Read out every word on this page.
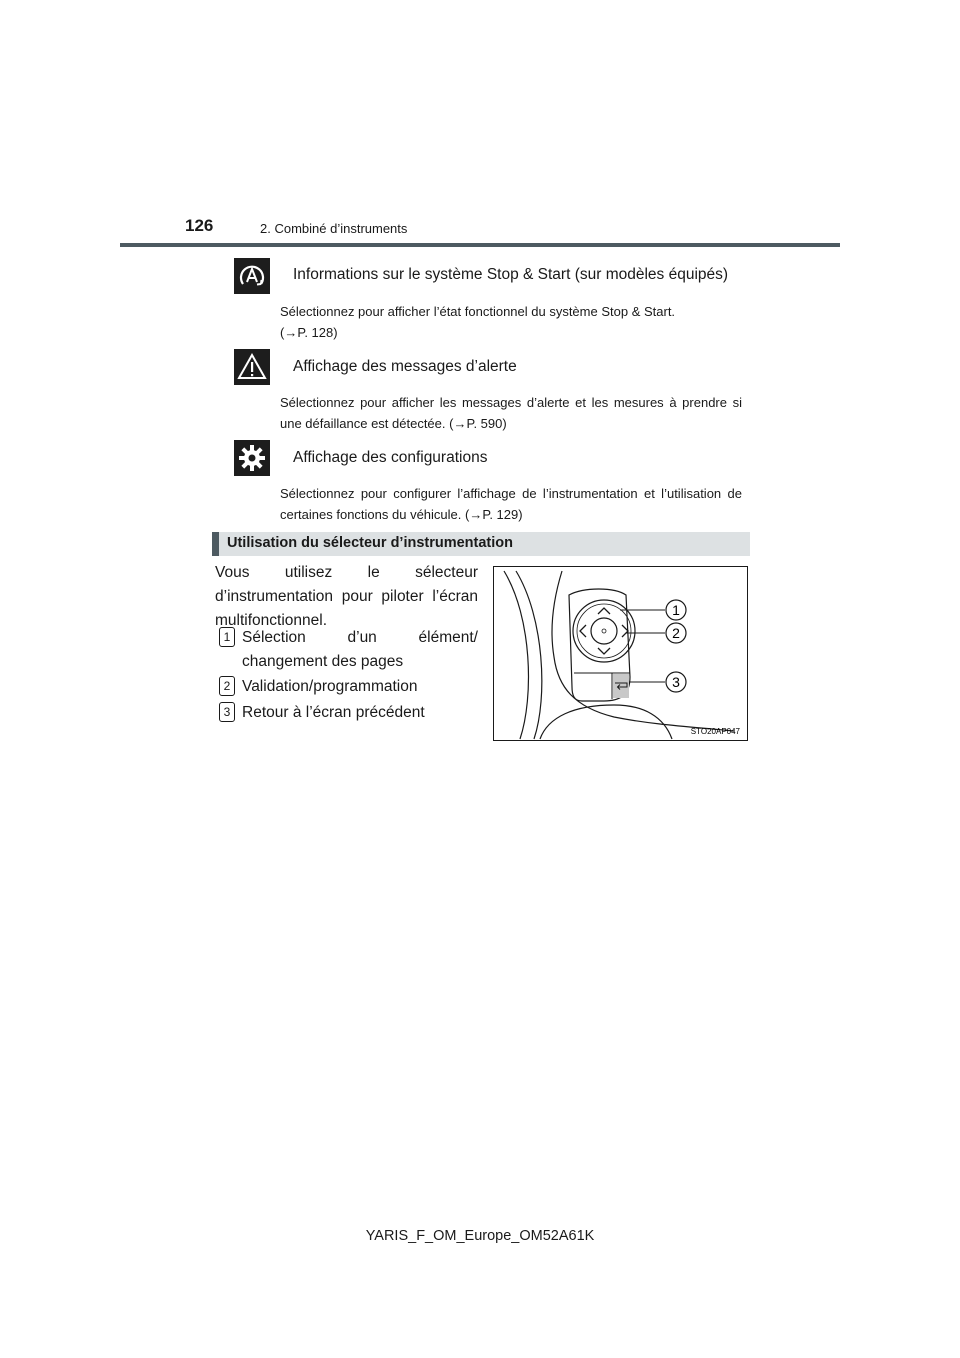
126	2. Combiné d’instruments
Informations sur le système Stop & Start (sur modèles équipés)
Sélectionnez pour afficher l’état fonctionnel du système Stop & Start.
(→P. 128)
Affichage des messages d’alerte
Sélectionnez pour afficher les messages d’alerte et les mesures à prendre si
une défaillance est détectée. (→P. 590)
Affichage des configurations
Sélectionnez pour configurer l’affichage de l’instrumentation et l’utilisation de
certaines fonctions du véhicule. (→P. 129)
Utilisation du sélecteur d’instrumentation
Vous utilisez le sélecteur
d’instrumentation pour piloter l’écran
multifonctionnel.
1 Sélection d’un élément/
changement des pages
2 Validation/programmation
3 Retour à l’écran précédent
1
2
3
STO20AP047
YARIS_F_OM_Europe_OM52A61K
